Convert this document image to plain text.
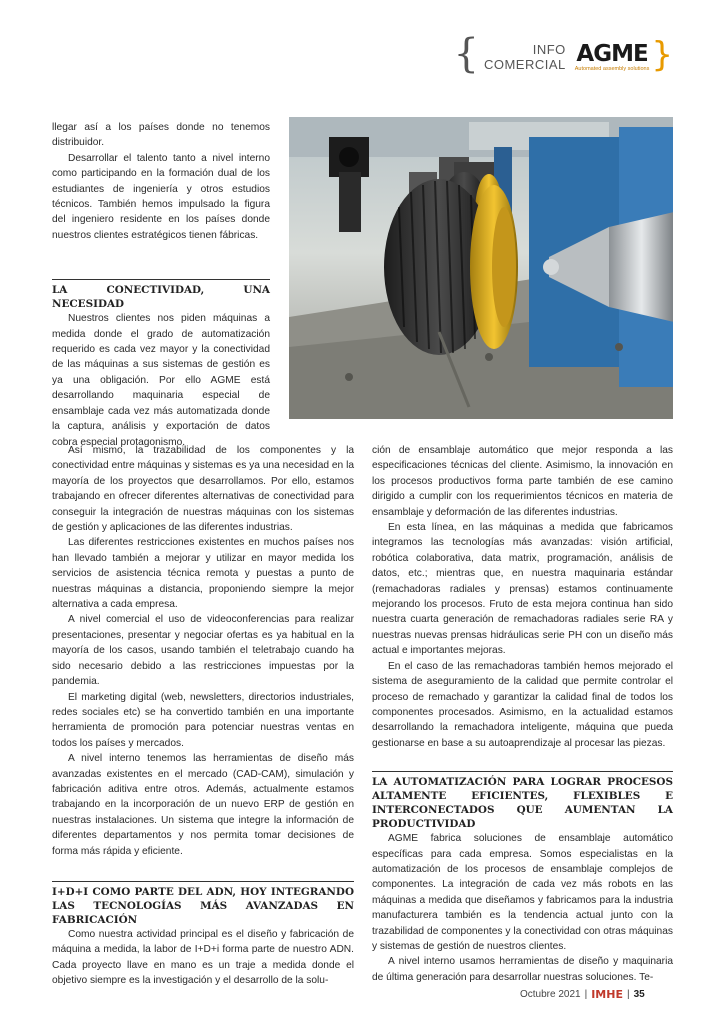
{	INFO
COMERCIAL AGME
Automated assembly solutions }

llegar así a los países donde no tenemos distribuidor.

Desarrollar el talento tanto a nivel interno como participando en la formación dual de los estudiantes de ingeniería y otros estudios técnicos. También hemos impulsado la figura del ingeniero residente en los países donde nuestros clientes estratégicos tienen fábricas.

LA CONECTIVIDAD, UNA NECESIDAD

Nuestros clientes nos piden máquinas a medida donde el grado de automatización requerido es cada vez mayor y la conectividad de las máquinas a sus sistemas de gestión es ya una obligación. Por ello AGME está desarrollando maquinaria especial de ensamblaje cada vez más automatizada donde la captura, análisis y exportación de datos cobra especial protagonismo.

Así mismo, la trazabilidad de los componentes y la conectividad entre máquinas y sistemas es ya una necesidad en la mayoría de los proyectos que desarrollamos. Por ello, estamos trabajando en ofrecer diferentes alternativas de conectividad para conseguir la integración de nuestras máquinas con los sistemas de gestión y aplicaciones de las diferentes industrias.

Las diferentes restricciones existentes en muchos países nos han llevado también a mejorar y utilizar en mayor medida los servicios de asistencia técnica remota y puestas a punto de nuestras máquinas a distancia, proponiendo siempre la mejor alternativa a cada empresa.

A nivel comercial el uso de videoconferencias para realizar presentaciones, presentar y negociar ofertas es ya habitual en la mayoría de los casos, usando también el teletrabajo cuando ha sido necesario debido a las restricciones impuestas por la pandemia.

El marketing digital (web, newsletters, directorios industriales, redes sociales etc) se ha convertido también en una importante herramienta de promoción para potenciar nuestras ventas en todos los países y mercados.

A nivel interno tenemos las herramientas de diseño más avanzadas existentes en el mercado (CAD-CAM), simulación y fabricación aditiva entre otros. Además, actualmente estamos trabajando en la incorporación de un nuevo ERP de gestión en nuestras instalaciones. Un sistema que integre la información de diferentes departamentos y nos permita tomar decisiones de forma más rápida y eficiente.

I+D+I COMO PARTE DEL ADN, HOY INTEGRANDO LAS TECNOLOGÍAS MÁS AVANZADAS EN FABRICACIÓN

Como nuestra actividad principal es el diseño y fabricación de máquina a medida, la labor de I+D+i forma parte de nuestro ADN. Cada proyecto llave en mano es un traje a medida donde el objetivo siempre es la investigación y el desarrollo de la solu-

ción de ensamblaje automático que mejor responda a las especificaciones técnicas del cliente. Asimismo, la innovación en los procesos productivos forma parte también de ese camino dirigido a cumplir con los requerimientos técnicos en materia de ensamblaje y deformación de las diferentes industrias.

En esta línea, en las máquinas a medida que fabricamos integramos las tecnologías más avanzadas: visión artificial, robótica colaborativa, data matrix, programación, análisis de datos, etc.; mientras que, en nuestra maquinaria estándar (remachadoras radiales y prensas) estamos continuamente mejorando los procesos. Fruto de esta mejora continua han sido nuestra cuarta generación de remachadoras radiales serie RA y nuestras nuevas prensas hidráulicas serie PH con un diseño más actual e importantes mejoras.

En el caso de las remachadoras también hemos mejorado el sistema de aseguramiento de la calidad que permite controlar el proceso de remachado y garantizar la calidad final de todos los componentes procesados. Asimismo, en la actualidad estamos desarrollando la remachadora inteligente, máquina que pueda gestionarse en base a su autoaprendizaje al procesar las piezas.

LA AUTOMATIZACIÓN PARA LOGRAR PROCESOS ALTAMENTE EFICIENTES, FLEXIBLES E INTERCONECTADOS QUE AUMENTAN LA PRODUCTIVIDAD

AGME fabrica soluciones de ensamblaje automático específicas para cada empresa. Somos especialistas en la automatización de los procesos de ensamblaje complejos de componentes. La integración de cada vez más robots en las máquinas a medida que diseñamos y fabricamos para la industria manufacturera también es la tendencia actual junto con la trazabilidad de componentes y la conectividad con otras máquinas y sistemas de gestión de nuestros clientes.

A nivel interno usamos herramientas de diseño y maquinaria de última generación para desarrollar nuestras soluciones. Te-

Octubre 2021 | IMHE | 35
